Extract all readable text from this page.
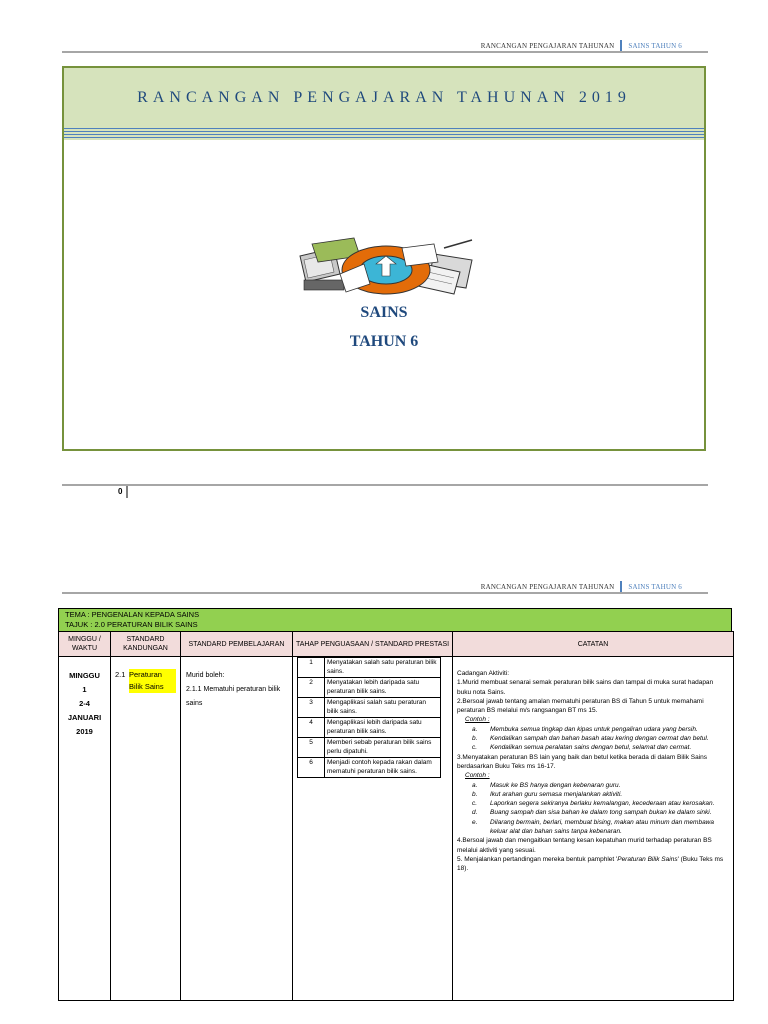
RANCANGAN PENGAJARAN TAHUNAN	SAINS TAHUN 6
RANCANGAN PENGAJARAN TAHUNAN 2019
SAINS
TAHUN 6
0
RANCANGAN PENGAJARAN TAHUNAN	SAINS TAHUN 6
TEMA : PENGENALAN KEPADA SAINS
TAJUK : 2.0 PERATURAN BILIK SAINS
MINGGU / WAKTU	STANDARD KANDUNGAN	STANDARD PEMBELAJARAN	TAHAP PENGUASAAN / STANDARD PRESTASI	CATATAN

MINGGU
1
2-4
JANUARI
2019

2.1 Peraturan Bilik Sains

Murid boleh:
2.1.1 Mematuhi peraturan bilik sains

1	Menyatakan salah satu peraturan bilik sains.
2	Menyatakan lebih daripada satu peraturan bilik sains.
3	Mengaplikasi salah satu peraturan bilik sains.
4	Mengaplikasi lebih daripada satu peraturan bilik sains.
5	Memberi sebab peraturan bilik sains perlu dipatuhi.
6	Menjadi contoh kepada rakan dalam mematuhi peraturan bilik sains.

Cadangan Aktiviti:
1.Murid membuat senarai semak peraturan bilik sains dan tampal di muka surat hadapan buku nota Sains.
2.Bersoal jawab tentang amalan mematuhi peraturan BS di Tahun 5 untuk memahami peraturan BS melalui m/s rangsangan BT ms 15.
Contoh :
a.	Membuka semua tingkap dan kipas untuk pengaliran udara yang bersih.
b.	Kendalikan sampah dan bahan basah atau kering dengan cermat dan betul.
c.	Kendalikan semua peralatan sains dengan betul, selamat dan cermat.
3.Menyatakan peraturan BS lain yang baik dan betul ketika berada di dalam Bilik Sains berdasarkan Buku Teks ms 16-17.
Contoh :
a.	Masuk ke BS hanya dengan kebenaran guru.
b.	Ikut arahan guru semasa menjalankan aktiviti.
c.	Laporkan segera sekiranya berlaku kemalangan, kecederaan atau kerosakan.
d.	Buang sampah dan sisa bahan ke dalam tong sampah bukan ke dalam sinki.
e.	Dilarang bermain, berlari, membuat bising, makan atau minum dan membawa keluar alat dan bahan sains tanpa kebenaran.
4.Bersoal jawab dan mengaitkan tentang kesan kepatuhan murid terhadap peraturan BS melalui aktiviti yang sesuai.
5. Menjalankan pertandingan mereka bentuk pamphlet 'Peraturan Bilik Sains' (Buku Teks ms 18).
